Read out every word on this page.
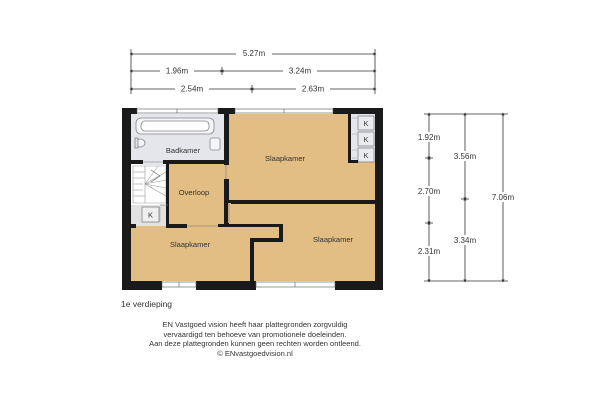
5.27m
1.96m	3.24m
2.54m	2.63m
1.92m
2.70m
2.31m
3.56m
3.34m
7.06m
Badkamer
Slaapkamer
Overloop
Slaapkamer
Slaapkamer
K
K
K
K
1e verdieping
EN Vastgoed vision heeft haar plattegronden zorgvuldig
vervaardigd ten behoeve van promotionele doeleinden.
Aan deze plattegronden kunnen geen rechten worden ontleend.
© ENvastgoedvision.nl
